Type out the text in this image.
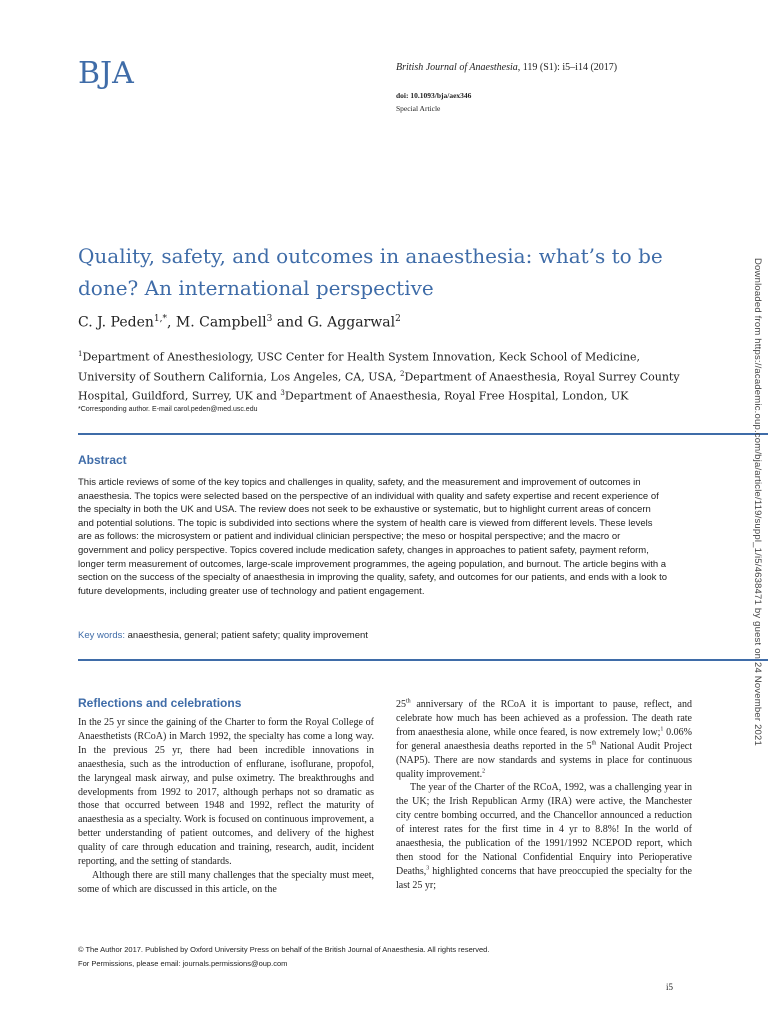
BJA	British Journal of Anaesthesia, 119 (S1): i5–i14 (2017)
doi: 10.1093/bja/aex346
Special Article
Quality, safety, and outcomes in anaesthesia: what’s to be done? An international perspective
C. J. Peden$^{1,*}$, M. Campbell$^3$ and G. Aggarwal$^2$
$^1$Department of Anesthesiology, USC Center for Health System Innovation, Keck School of Medicine, University of Southern California, Los Angeles, CA, USA, $^2$Department of Anaesthesia, Royal Surrey County Hospital, Guildford, Surrey, UK and $^3$Department of Anaesthesia, Royal Free Hospital, London, UK
*Corresponding author. E-mail carol.peden@med.usc.edu
Abstract

This article reviews of some of the key topics and challenges in quality, safety, and the measurement and improvement of outcomes in anaesthesia. The topics were selected based on the perspective of an individual with quality and safety expertise and recent experience of the specialty in both the UK and USA. The review does not seek to be exhaustive or systematic, but to highlight current areas of concern and potential solutions. The topic is subdivided into sections where the system of health care is viewed from different levels. These levels are as follows: the microsystem or patient and individual clinician perspective; the meso or hospital perspective; and the macro or government and policy perspective. Topics covered include medication safety, changes in approaches to patient safety, payment reform, longer term measurement of outcomes, large-scale improvement programmes, the ageing population, and burnout. The article begins with a section on the success of the specialty of anaesthesia in improving the quality, safety, and outcomes for our patients, and ends with a look to future developments, including greater use of technology and patient engagement.

Key words: anaesthesia, general; patient safety; quality improvement
Reflections and celebrations

In the 25 yr since the gaining of the Charter to form the Royal College of Anaesthetists (RCoA) in March 1992, the specialty has come a long way. In the previous 25 yr, there had been incredible innovations in anaesthesia, such as the introduction of enflurane, isoflurane, propofol, the laryngeal mask airway, and pulse oximetry. The breakthroughs and developments from 1992 to 2017, although perhaps not so dramatic as those that occurred between 1948 and 1992, reflect the maturity of anaesthesia as a specialty. Work is focused on continuous improvement, a better understanding of patient outcomes, and delivery of the highest quality of care through education and training, research, audit, incident reporting, and the setting of standards.

Although there are still many challenges that the specialty must meet, some of which are discussed in this article, on the

25th anniversary of the RCoA it is important to pause, reflect, and celebrate how much has been achieved as a profession. The death rate from anaesthesia alone, while once feared, is now extremely low;$^1$ 0.06% for general anaesthesia deaths reported in the 5th National Audit Project (NAP5). There are now standards and systems in place for continuous quality improvement.$^2$

The year of the Charter of the RCoA, 1992, was a challenging year in the UK; the Irish Republican Army (IRA) were active, the Manchester city centre bombing occurred, and the Chancellor announced a reduction of interest rates for the first time in 4 yr to 8.8%! In the world of anaesthesia, the publication of the 1991/1992 NCEPOD report, which then stood for the National Confidential Enquiry into Perioperative Deaths,$^3$ highlighted concerns that have preoccupied the specialty for the last 25 yr;

© The Author 2017. Published by Oxford University Press on behalf of the British Journal of Anaesthesia. All rights reserved.
For Permissions, please email: journals.permissions@oup.com
i5
Downloaded from https://academic.oup.com/bja/article/119/suppl_1/i5/4638471 by guest on 24 November 2021
